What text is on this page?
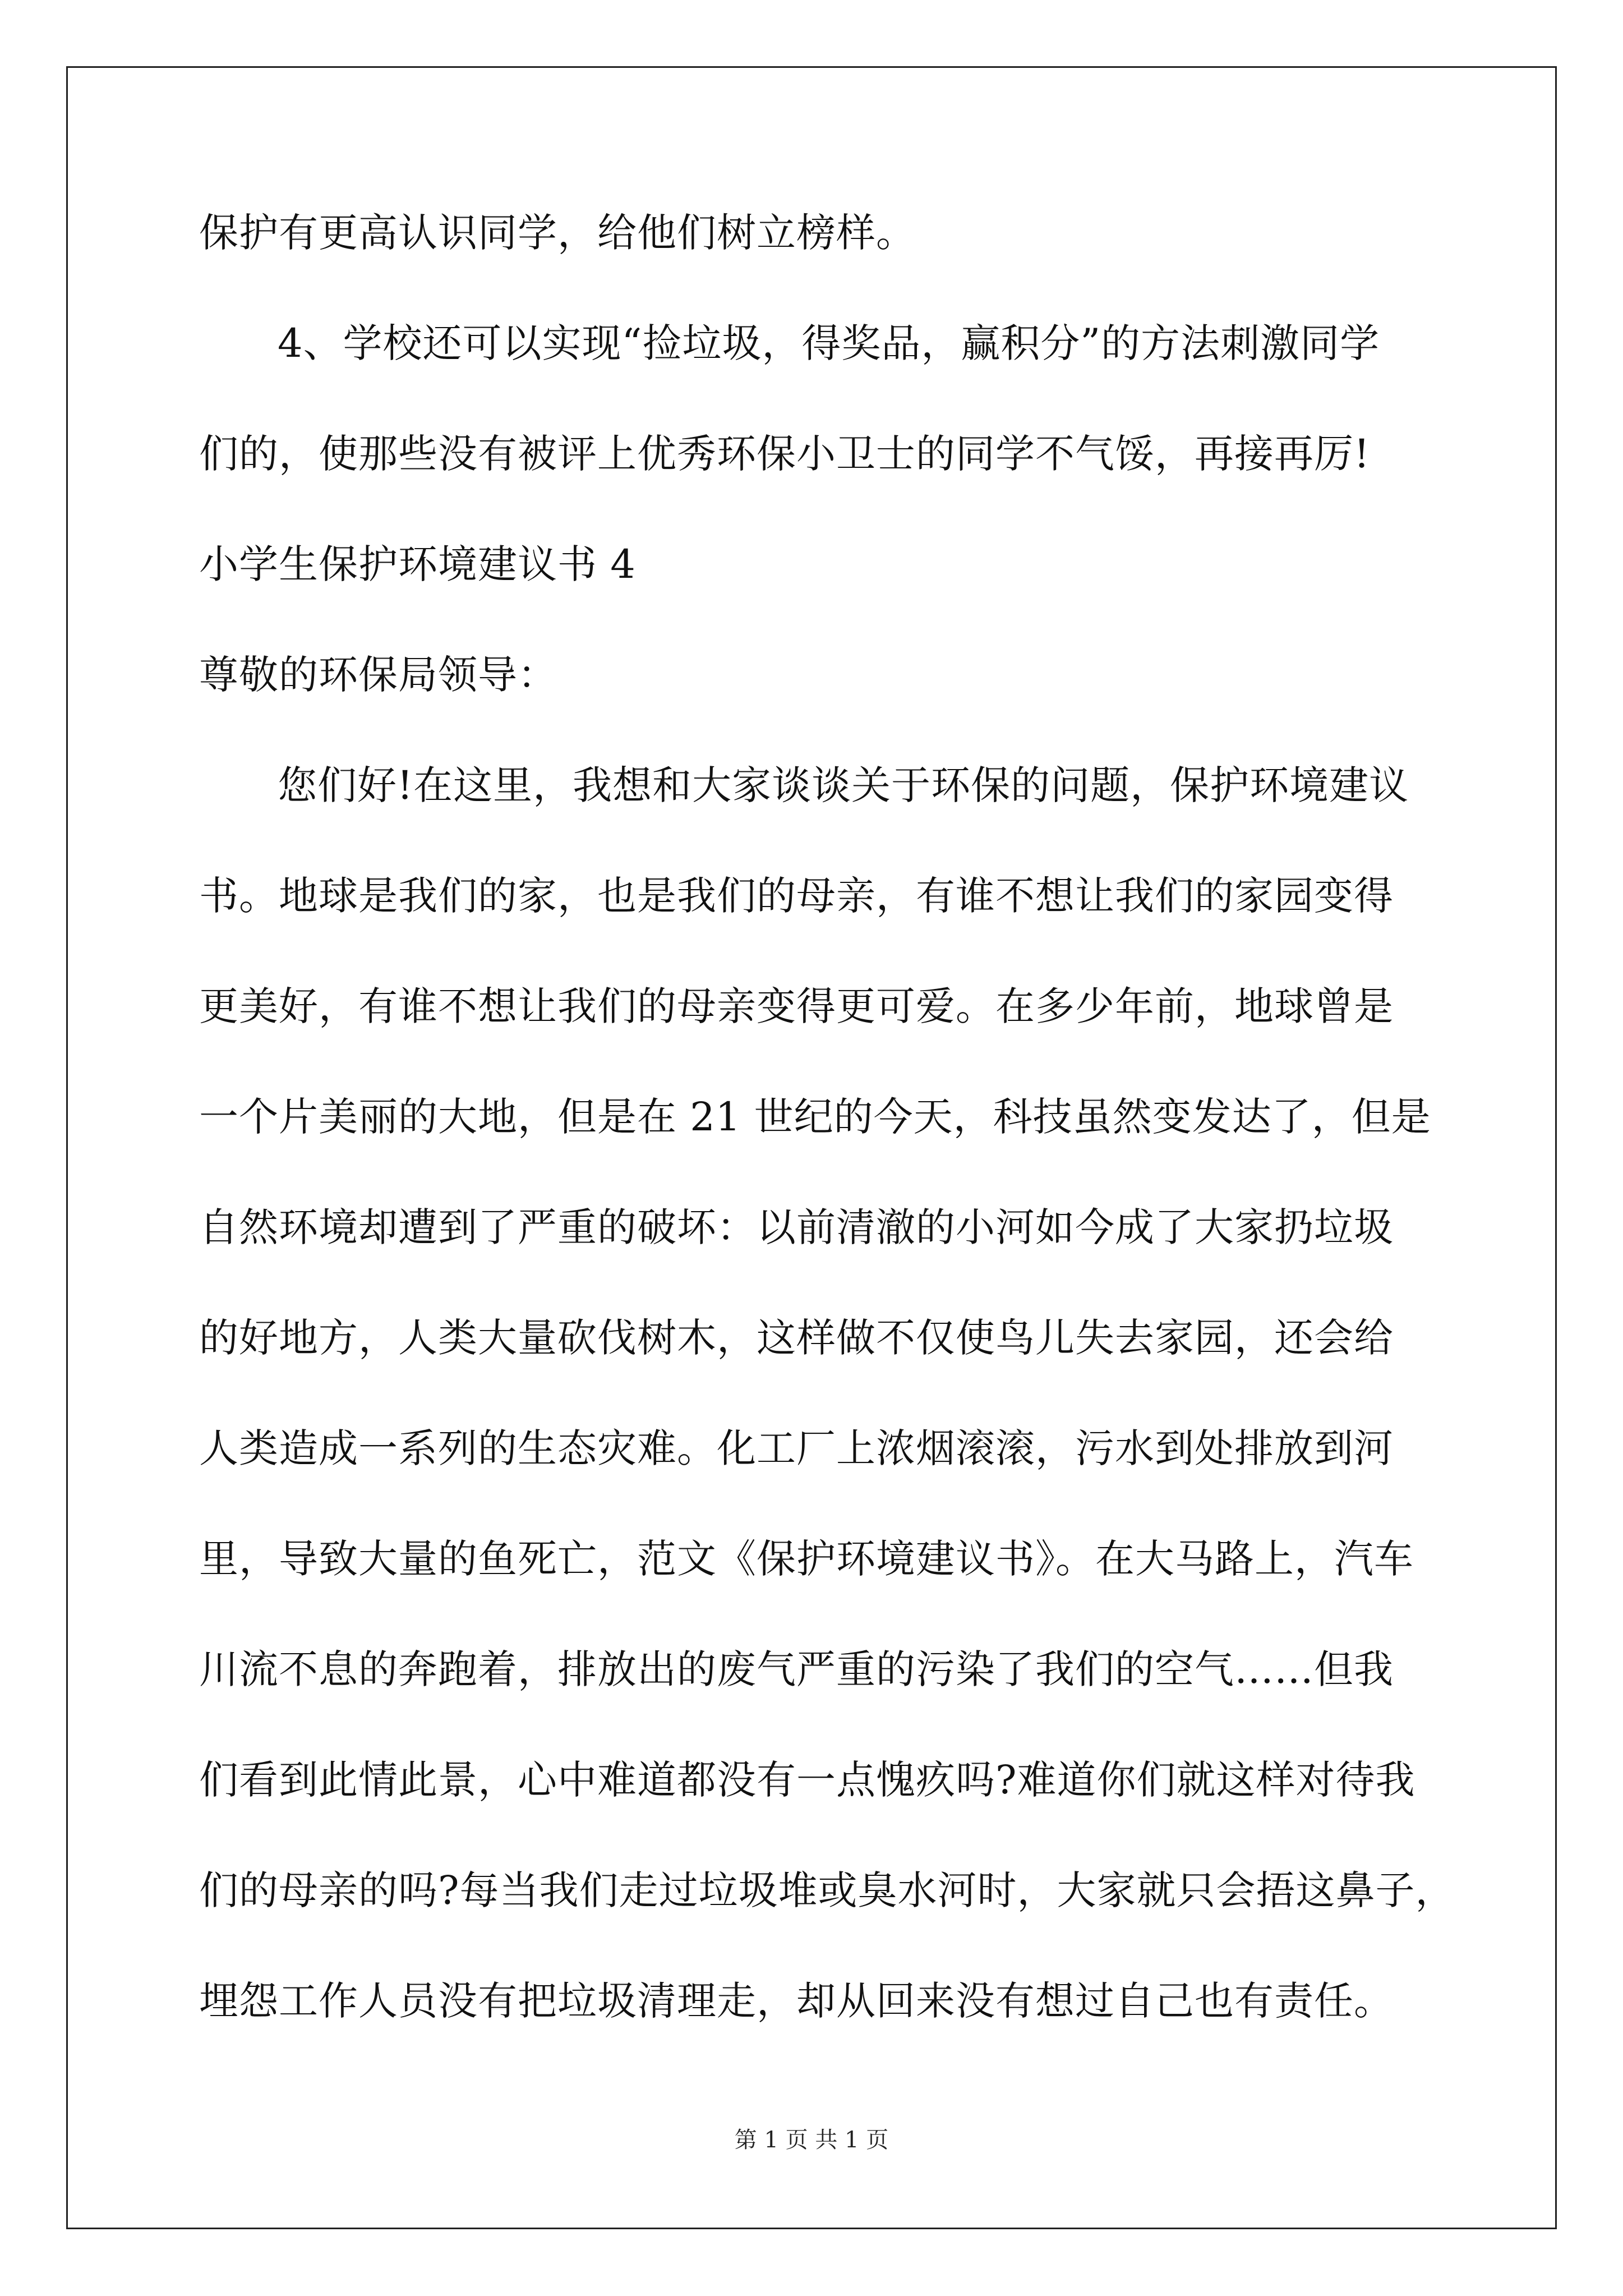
保护有更高认识同学，给他们树立榜样。
4、学校还可以实现“捡垃圾，得奖品，赢积分”的方法刺激同学
们的，使那些没有被评上优秀环保小卫士的同学不气馁，再接再厉!
小学生保护环境建议书 4
尊敬的环保局领导：
您们好!在这里，我想和大家谈谈关于环保的问题，保护环境建议
书。地球是我们的家，也是我们的母亲，有谁不想让我们的家园变得
更美好，有谁不想让我们的母亲变得更可爱。在多少年前，地球曾是
一个片美丽的大地，但是在 21 世纪的今天，科技虽然变发达了，但是
自然环境却遭到了严重的破坏：以前清澈的小河如今成了大家扔垃圾
的好地方，人类大量砍伐树木，这样做不仅使鸟儿失去家园，还会给
人类造成一系列的生态灾难。化工厂上浓烟滚滚，污水到处排放到河
里，导致大量的鱼死亡，范文《保护环境建议书》。在大马路上，汽车
川流不息的奔跑着，排放出的废气严重的污染了我们的空气……但我
们看到此情此景，心中难道都没有一点愧疚吗?难道你们就这样对待我
们的母亲的吗?每当我们走过垃圾堆或臭水河时，大家就只会捂这鼻子，
埋怨工作人员没有把垃圾清理走，却从回来没有想过自己也有责任。
第 1 页 共 1 页
